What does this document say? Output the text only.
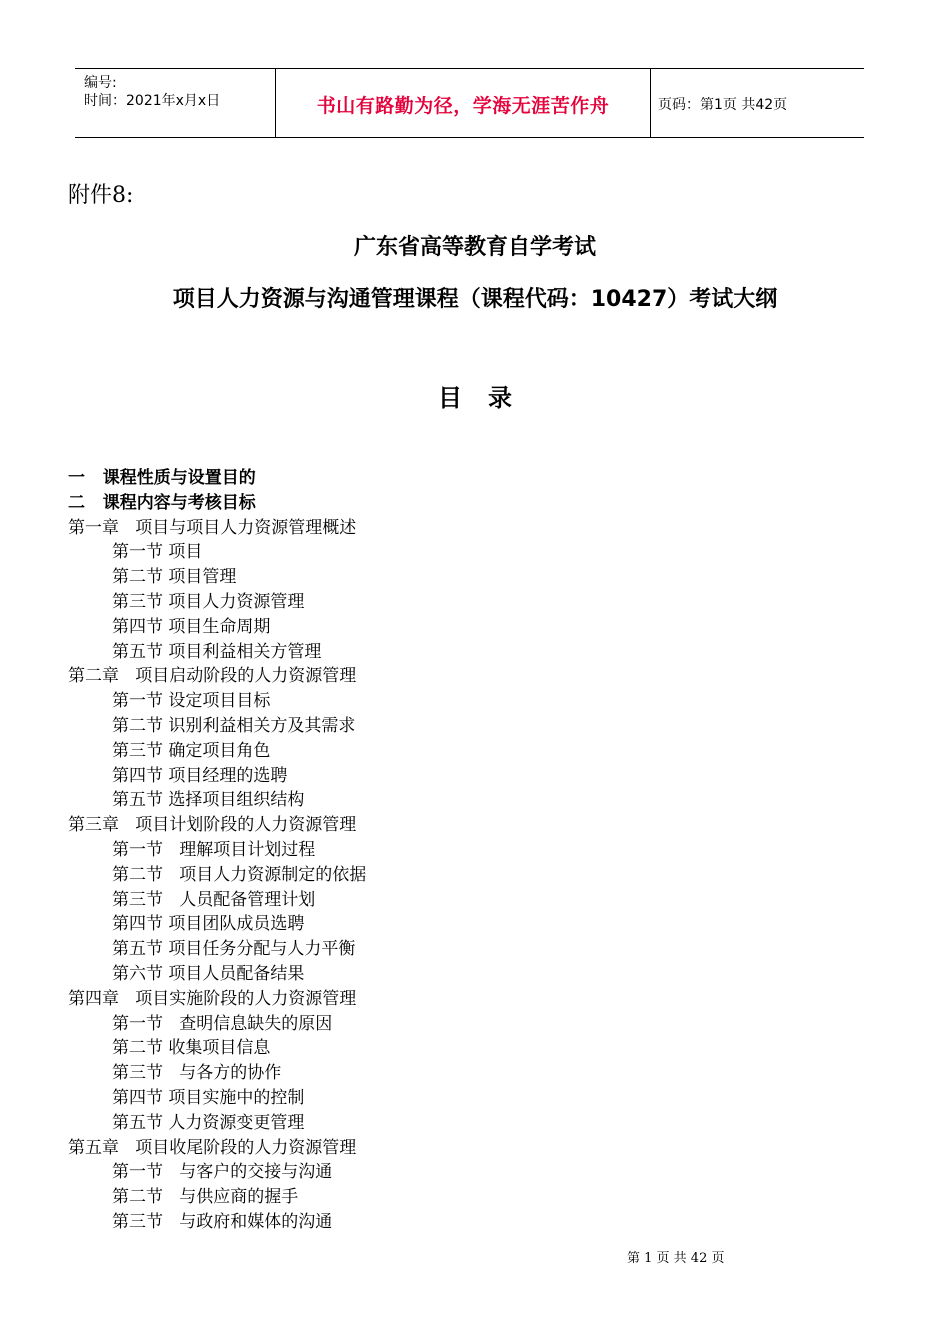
编号:
时间：2021年x月x日	书山有路勤为径，学海无涯苦作舟	页码：第1页 共42页
附件8:
广东省高等教育自学考试
项目人力资源与沟通管理课程（课程代码：10427）考试大纲
目录
一   课程性质与设置目的
二   课程内容与考核目标
第一章   项目与项目人力资源管理概述
第一节 项目
第二节 项目管理
第三节 项目人力资源管理
第四节 项目生命周期
第五节 项目利益相关方管理
第二章   项目启动阶段的人力资源管理
第一节 设定项目目标
第二节 识别利益相关方及其需求
第三节 确定项目角色
第四节 项目经理的选聘
第五节 选择项目组织结构
第三章   项目计划阶段的人力资源管理
第一节   理解项目计划过程
第二节   项目人力资源制定的依据
第三节   人员配备管理计划
第四节 项目团队成员选聘
第五节 项目任务分配与人力平衡
第六节 项目人员配备结果
第四章   项目实施阶段的人力资源管理
第一节   查明信息缺失的原因
第二节 收集项目信息
第三节   与各方的协作
第四节 项目实施中的控制
第五节 人力资源变更管理
第五章   项目收尾阶段的人力资源管理
第一节   与客户的交接与沟通
第二节   与供应商的握手
第三节   与政府和媒体的沟通
第 1 页 共 42 页
